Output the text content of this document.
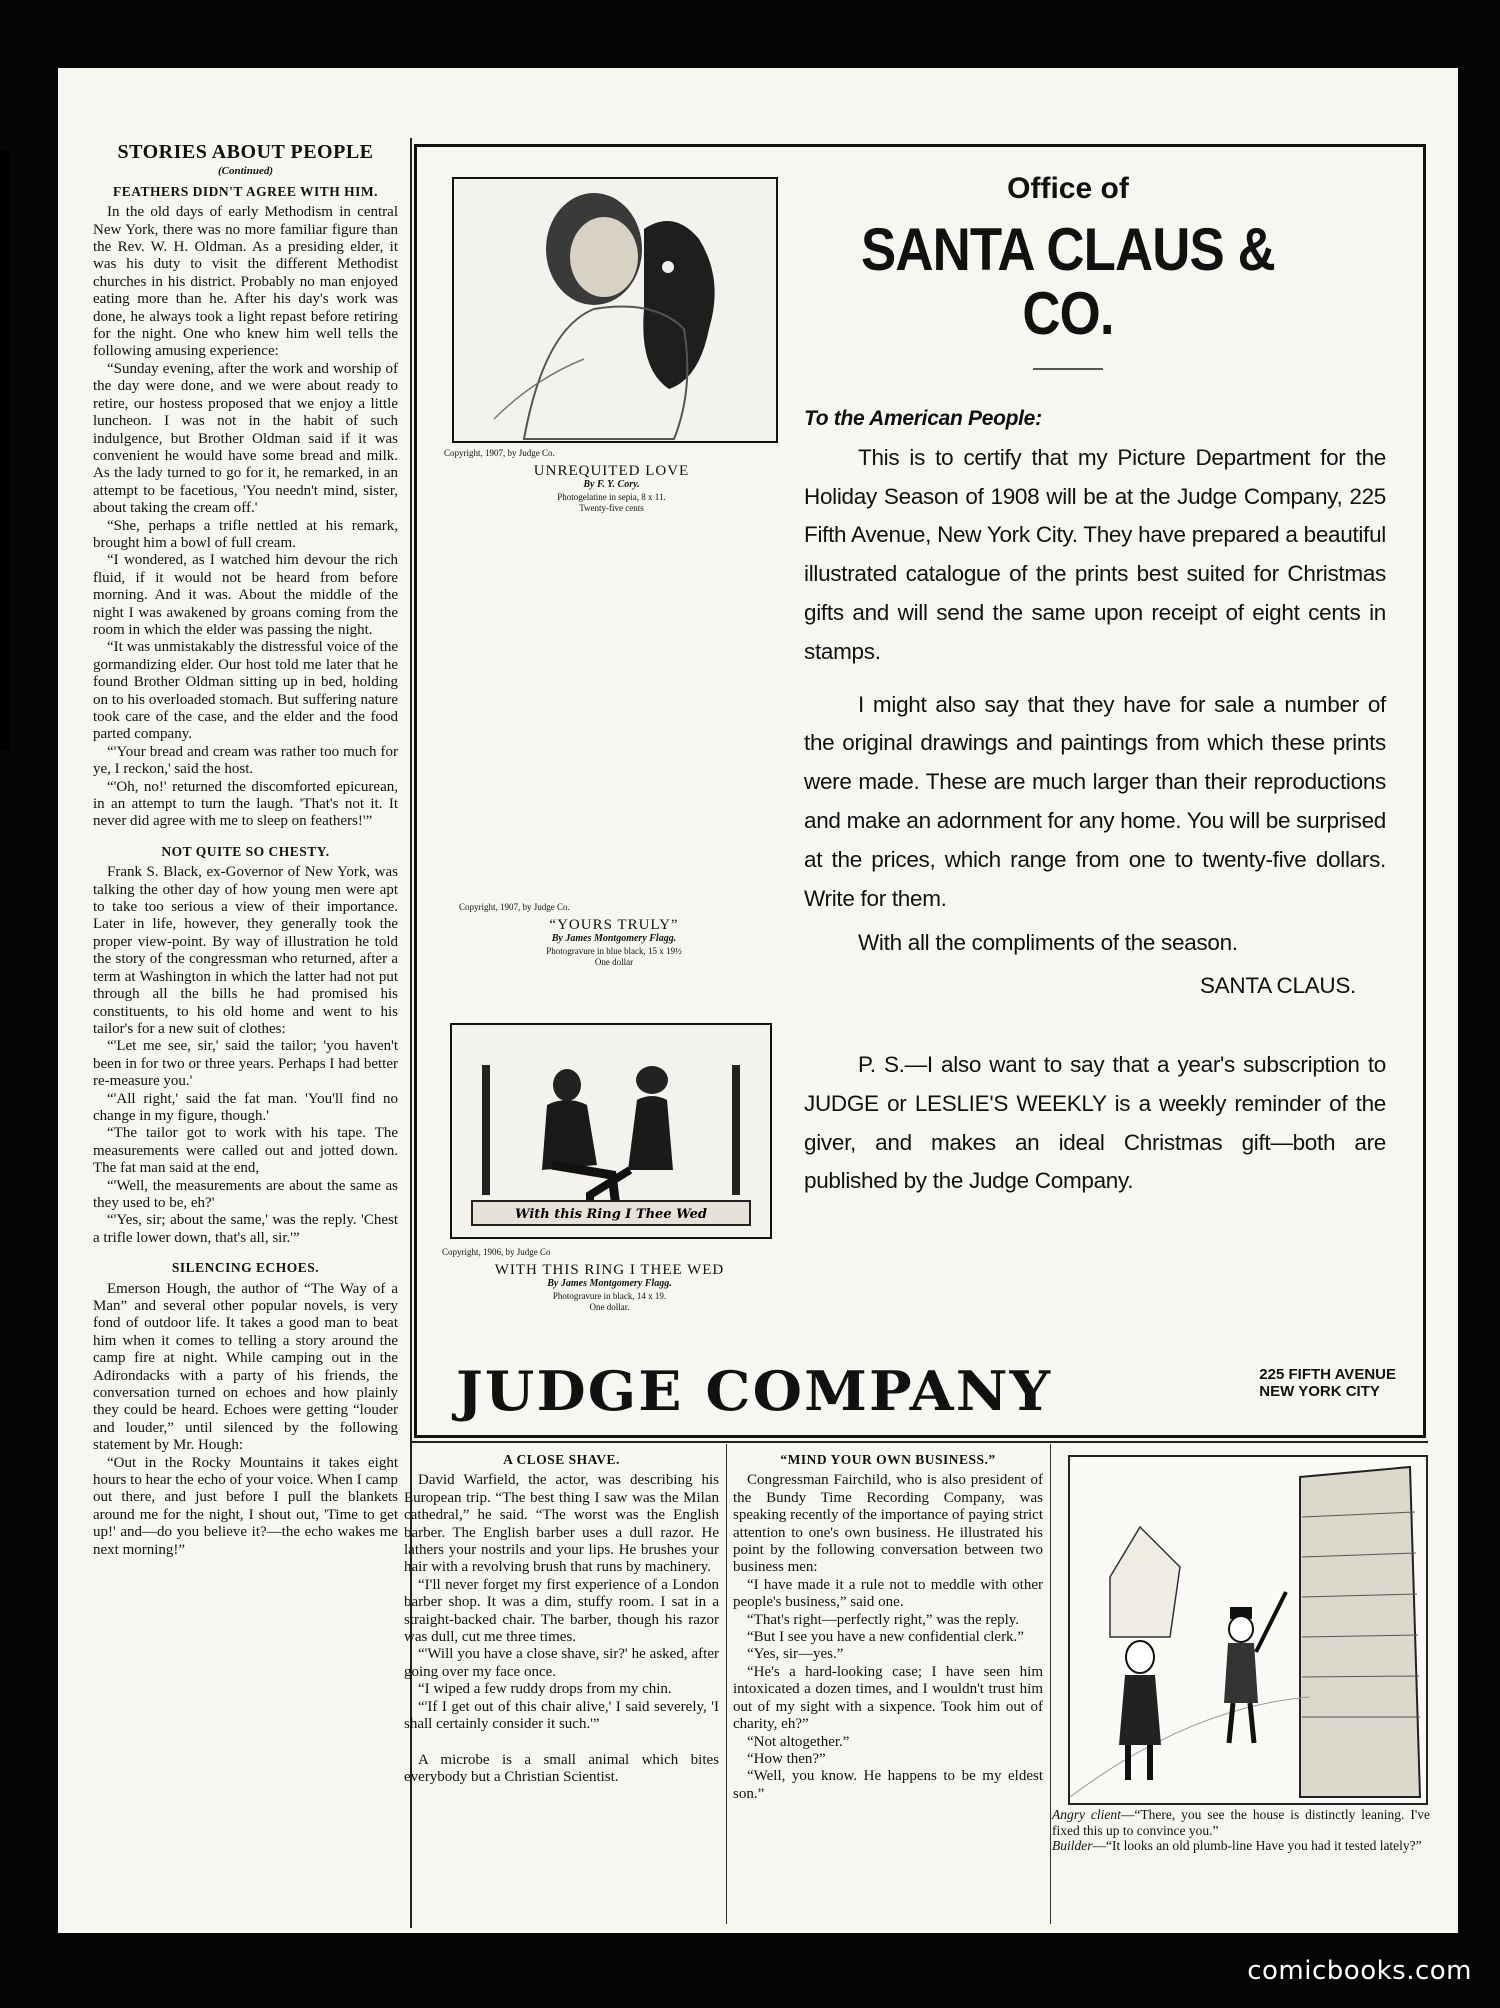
STORIES ABOUT PEOPLE
(Continued)
FEATHERS DIDN'T AGREE WITH HIM.

In the old days of early Methodism in central New York, there was no more familiar figure than the Rev. W. H. Oldman. As a presiding elder, it was his duty to visit the different Methodist churches in his district. Probably no man enjoyed eating more than he. After his day's work was done, he always took a light repast before retiring for the night. One who knew him well tells the following amusing experience:

“Sunday evening, after the work and worship of the day were done, and we were about ready to retire, our hostess proposed that we enjoy a little luncheon. I was not in the habit of such indulgence, but Brother Oldman said if it was convenient he would have some bread and milk. As the lady turned to go for it, he remarked, in an attempt to be facetious, 'You needn't mind, sister, about taking the cream off.'

“She, perhaps a trifle nettled at his remark, brought him a bowl of full cream.

“I wondered, as I watched him devour the rich fluid, if it would not be heard from before morning. And it was. About the middle of the night I was awakened by groans coming from the room in which the elder was passing the night.

“It was unmistakably the distressful voice of the gormandizing elder. Our host told me later that he found Brother Oldman sitting up in bed, holding on to his overloaded stomach. But suffering nature took care of the case, and the elder and the food parted company.

“'Your bread and cream was rather too much for ye, I reckon,' said the host.

“'Oh, no!' returned the discomforted epicurean, in an attempt to turn the laugh. 'That's not it. It never did agree with me to sleep on feathers!'”

NOT QUITE SO CHESTY.

Frank S. Black, ex-Governor of New York, was talking the other day of how young men were apt to take too serious a view of their importance. Later in life, however, they generally took the proper view-point. By way of illustration he told the story of the congressman who returned, after a term at Washington in which the latter had not put through all the bills he had promised his constituents, to his old home and went to his tailor's for a new suit of clothes:

“'Let me see, sir,' said the tailor; 'you haven't been in for two or three years. Perhaps I had better re-measure you.'

“'All right,' said the fat man. 'You'll find no change in my figure, though.'

“The tailor got to work with his tape. The measurements were called out and jotted down. The fat man said at the end,

“'Well, the measurements are about the same as they used to be, eh?'

“'Yes, sir; about the same,' was the reply. 'Chest a trifle lower down, that's all, sir.'”

SILENCING ECHOES.

Emerson Hough, the author of “The Way of a Man” and several other popular novels, is very fond of outdoor life. It takes a good man to beat him when it comes to telling a story around the camp fire at night. While camping out in the Adirondacks with a party of his friends, the conversation turned on echoes and how plainly they could be heard. Echoes were getting “louder and louder,” until silenced by the following statement by Mr. Hough:

“Out in the Rocky Mountains it takes eight hours to hear the echo of your voice. When I camp out there, and just before I pull the blankets around me for the night, I shout out, 'Time to get up!' and—do you believe it?—the echo wakes me next morning!”

Copyright, 1907, by Judge Co.
UNREQUITED LOVE
By F. Y. Cory.
Photogelatine in sepia, 8 x 11.
Twenty-five cents
Copyright, 1907, by Judge Co.
“YOURS TRULY”
By James Montgomery Flagg.
Photogravure in blue black, 15 x 19½
One dollar
Office of
SANTA CLAUS & CO.

To the American People:

This is to certify that my Picture Department for the Holiday Season of 1908 will be at the Judge Company, 225 Fifth Avenue, New York City. They have prepared a beautiful illustrated catalogue of the prints best suited for Christmas gifts and will send the same upon receipt of eight cents in stamps.

I might also say that they have for sale a number of the original drawings and paintings from which these prints were made. These are much larger than their reproductions and make an adornment for any home. You will be surprised at the prices, which range from one to twenty-five dollars. Write for them.

With all the compliments of the season.

SANTA CLAUS.

P. S.—I also want to say that a year's subscription to JUDGE or LESLIE'S WEEKLY is a weekly reminder of the giver, and makes an ideal Christmas gift—both are published by the Judge Company.

With this Ring I Thee Wed
Copyright, 1906, by Judge Co
WITH THIS RING I THEE WED
By James Montgomery Flagg.
Photogravure in black, 14 x 19.
One dollar.
JUDGE COMPANY	225 FIFTH AVENUE
NEW YORK CITY
A CLOSE SHAVE.

David Warfield, the actor, was describing his European trip. “The best thing I saw was the Milan cathedral,” he said. “The worst was the English barber. The English barber uses a dull razor. He lathers your nostrils and your lips. He brushes your hair with a revolving brush that runs by machinery.

“I'll never forget my first experience of a London barber shop. It was a dim, stuffy room. I sat in a straight-backed chair. The barber, though his razor was dull, cut me three times.

“'Will you have a close shave, sir?' he asked, after going over my face once.

“I wiped a few ruddy drops from my chin.

“'If I get out of this chair alive,' I said severely, 'I shall certainly consider it such.'”

A microbe is a small animal which bites everybody but a Christian Scientist.

“MIND YOUR OWN BUSINESS.”

Congressman Fairchild, who is also president of the Bundy Time Recording Company, was speaking recently of the importance of paying strict attention to one's own business. He illustrated his point by the following conversation between two business men:

“I have made it a rule not to meddle with other people's business,” said one.

“That's right—perfectly right,” was the reply.

“But I see you have a new confidential clerk.”

“Yes, sir—yes.”

“He's a hard-looking case; I have seen him intoxicated a dozen times, and I wouldn't trust him out of my sight with a sixpence. Took him out of charity, eh?”

“Not altogether.”

“How then?”

“Well, you know. He happens to be my eldest son.”

Angry client—“There, you see the house is distinctly leaning. I've fixed this up to convince you.”
Builder—“It looks an old plumb-line Have you had it tested lately?”
comicbooks.com
